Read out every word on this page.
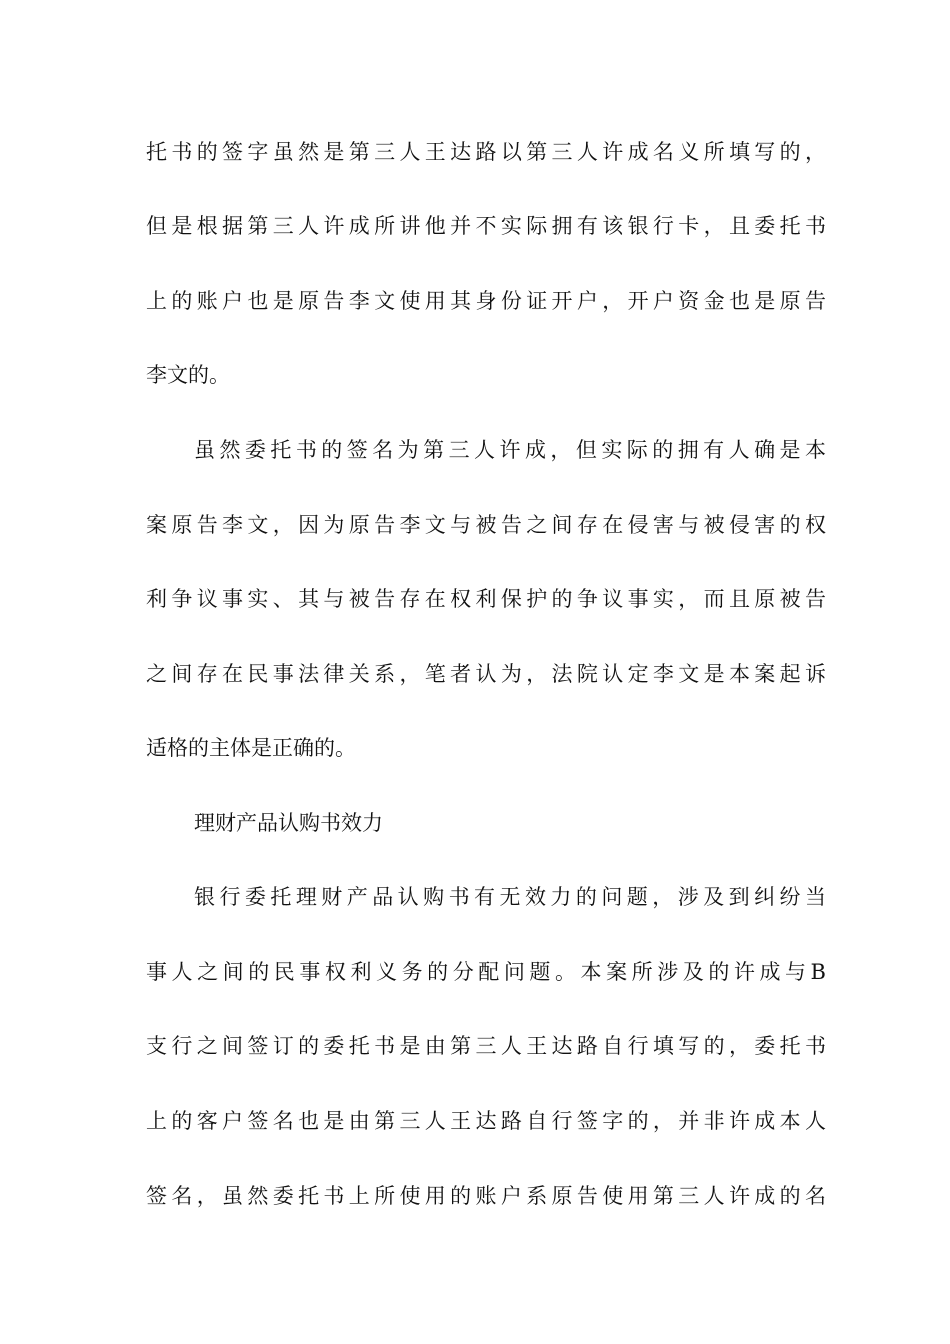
托书的签字虽然是第三人王达路以第三人许成名义所填写的，
但是根据第三人许成所讲他并不实际拥有该银行卡，且委托书
上的账户也是原告李文使用其身份证开户，开户资金也是原告
李文的。
虽然委托书的签名为第三人许成，但实际的拥有人确是本
案原告李文，因为原告李文与被告之间存在侵害与被侵害的权
利争议事实、其与被告存在权利保护的争议事实，而且原被告
之间存在民事法律关系，笔者认为，法院认定李文是本案起诉
适格的主体是正确的。
理财产品认购书效力
银行委托理财产品认购书有无效力的问题，涉及到纠纷当
事人之间的民事权利义务的分配问题。本案所涉及的许成与B
支行之间签订的委托书是由第三人王达路自行填写的，委托书
上的客户签名也是由第三人王达路自行签字的，并非许成本人
签名，虽然委托书上所使用的账户系原告使用第三人许成的名
